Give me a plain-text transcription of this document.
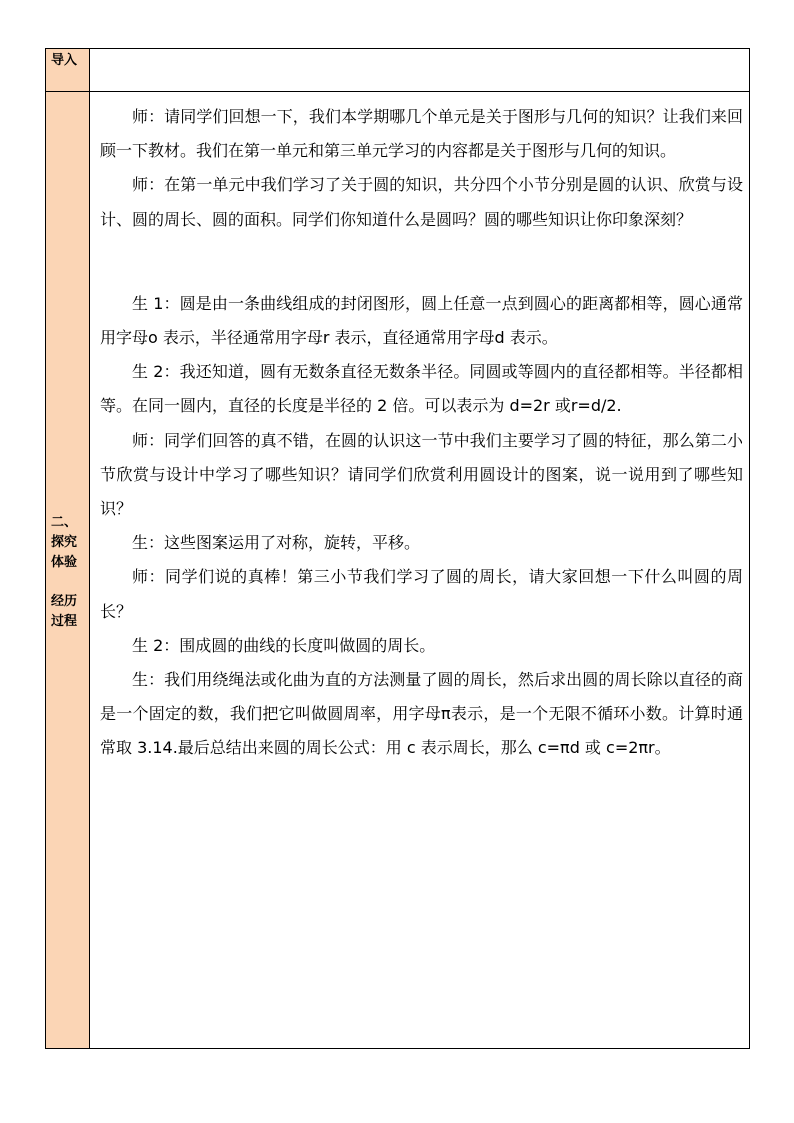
导入
二、
探究
体验
经历
过程

师：请同学们回想一下，我们本学期哪几个单元是关于图形与几何的知识？让我们来回顾一下教材。我们在第一单元和第三单元学习的内容都是关于图形与几何的知识。

师：在第一单元中我们学习了关于圆的知识，共分四个小节分别是圆的认识、欣赏与设计、圆的周长、圆的面积。同学们你知道什么是圆吗？圆的哪些知识让你印象深刻？

生 1：圆是由一条曲线组成的封闭图形，圆上任意一点到圆心的距离都相等，圆心通常用字母o 表示，半径通常用字母r 表示，直径通常用字母d 表示。

生 2：我还知道，圆有无数条直径无数条半径。同圆或等圆内的直径都相等。半径都相等。在同一圆内，直径的长度是半径的 2 倍。可以表示为 d=2r 或r=d/2.

师：同学们回答的真不错，在圆的认识这一节中我们主要学习了圆的特征，那么第二小节欣赏与设计中学习了哪些知识？请同学们欣赏利用圆设计的图案，说一说用到了哪些知识？

生：这些图案运用了对称，旋转，平移。

师：同学们说的真棒！第三小节我们学习了圆的周长，请大家回想一下什么叫圆的周长？

生 2：围成圆的曲线的长度叫做圆的周长。

生：我们用绕绳法或化曲为直的方法测量了圆的周长，然后求出圆的周长除以直径的商是一个固定的数，我们把它叫做圆周率，用字母π表示，是一个无限不循环小数。计算时通常取 3.14.最后总结出来圆的周长公式：用 c 表示周长，那么 c=πd 或 c=2πr。
